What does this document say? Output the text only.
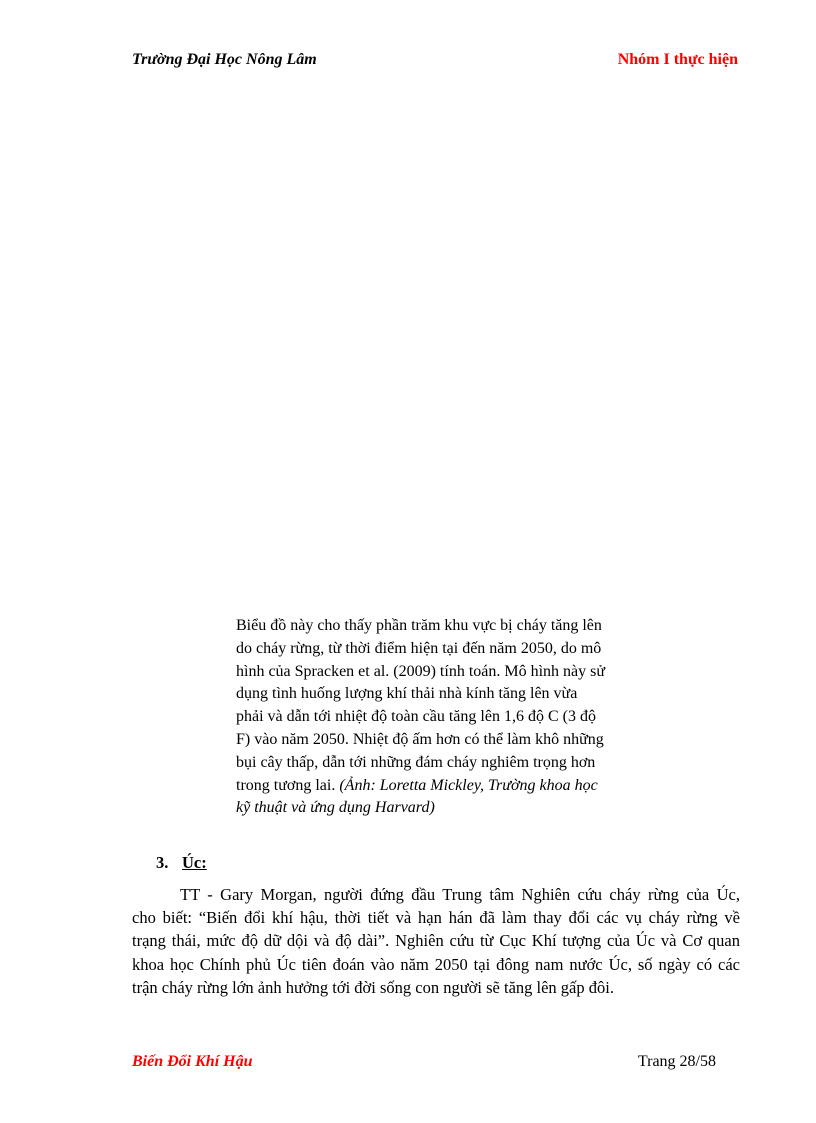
Trường Đại Học Nông Lâm	Nhóm I thực hiện
Biểu đồ này cho thấy phần trăm khu vực bị cháy tăng lên
do cháy rừng, từ thời điểm hiện tại đến năm 2050, do mô
hình của Spracken et al. (2009) tính toán. Mô hình này sử
dụng tình huống lượng khí thải nhà kính tăng lên vừa
phải và dẫn tới nhiệt độ toàn cầu tăng lên 1,6 độ C (3 độ
F) vào năm 2050. Nhiệt độ ấm hơn có thể làm khô những
bụi cây thấp, dẫn tới những đám cháy nghiêm trọng hơn
trong tương lai. (Ảnh: Loretta Mickley, Trường khoa học
kỹ thuật và ứng dụng Harvard)
3. Úc:
TT - Gary Morgan, người đứng đầu Trung tâm Nghiên cứu cháy rừng của Úc,
cho biết: “Biến đổi khí hậu, thời tiết và hạn hán đã làm thay đổi các vụ cháy rừng về
trạng thái, mức độ dữ dội và độ dài”. Nghiên cứu từ Cục Khí tượng của Úc và Cơ quan
khoa học Chính phủ Úc tiên đoán vào năm 2050 tại đông nam nước Úc, số ngày có các
trận cháy rừng lớn ảnh hưởng tới đời sống con người sẽ tăng lên gấp đôi.
Biến Đổi Khí Hậu	Trang 28/58
